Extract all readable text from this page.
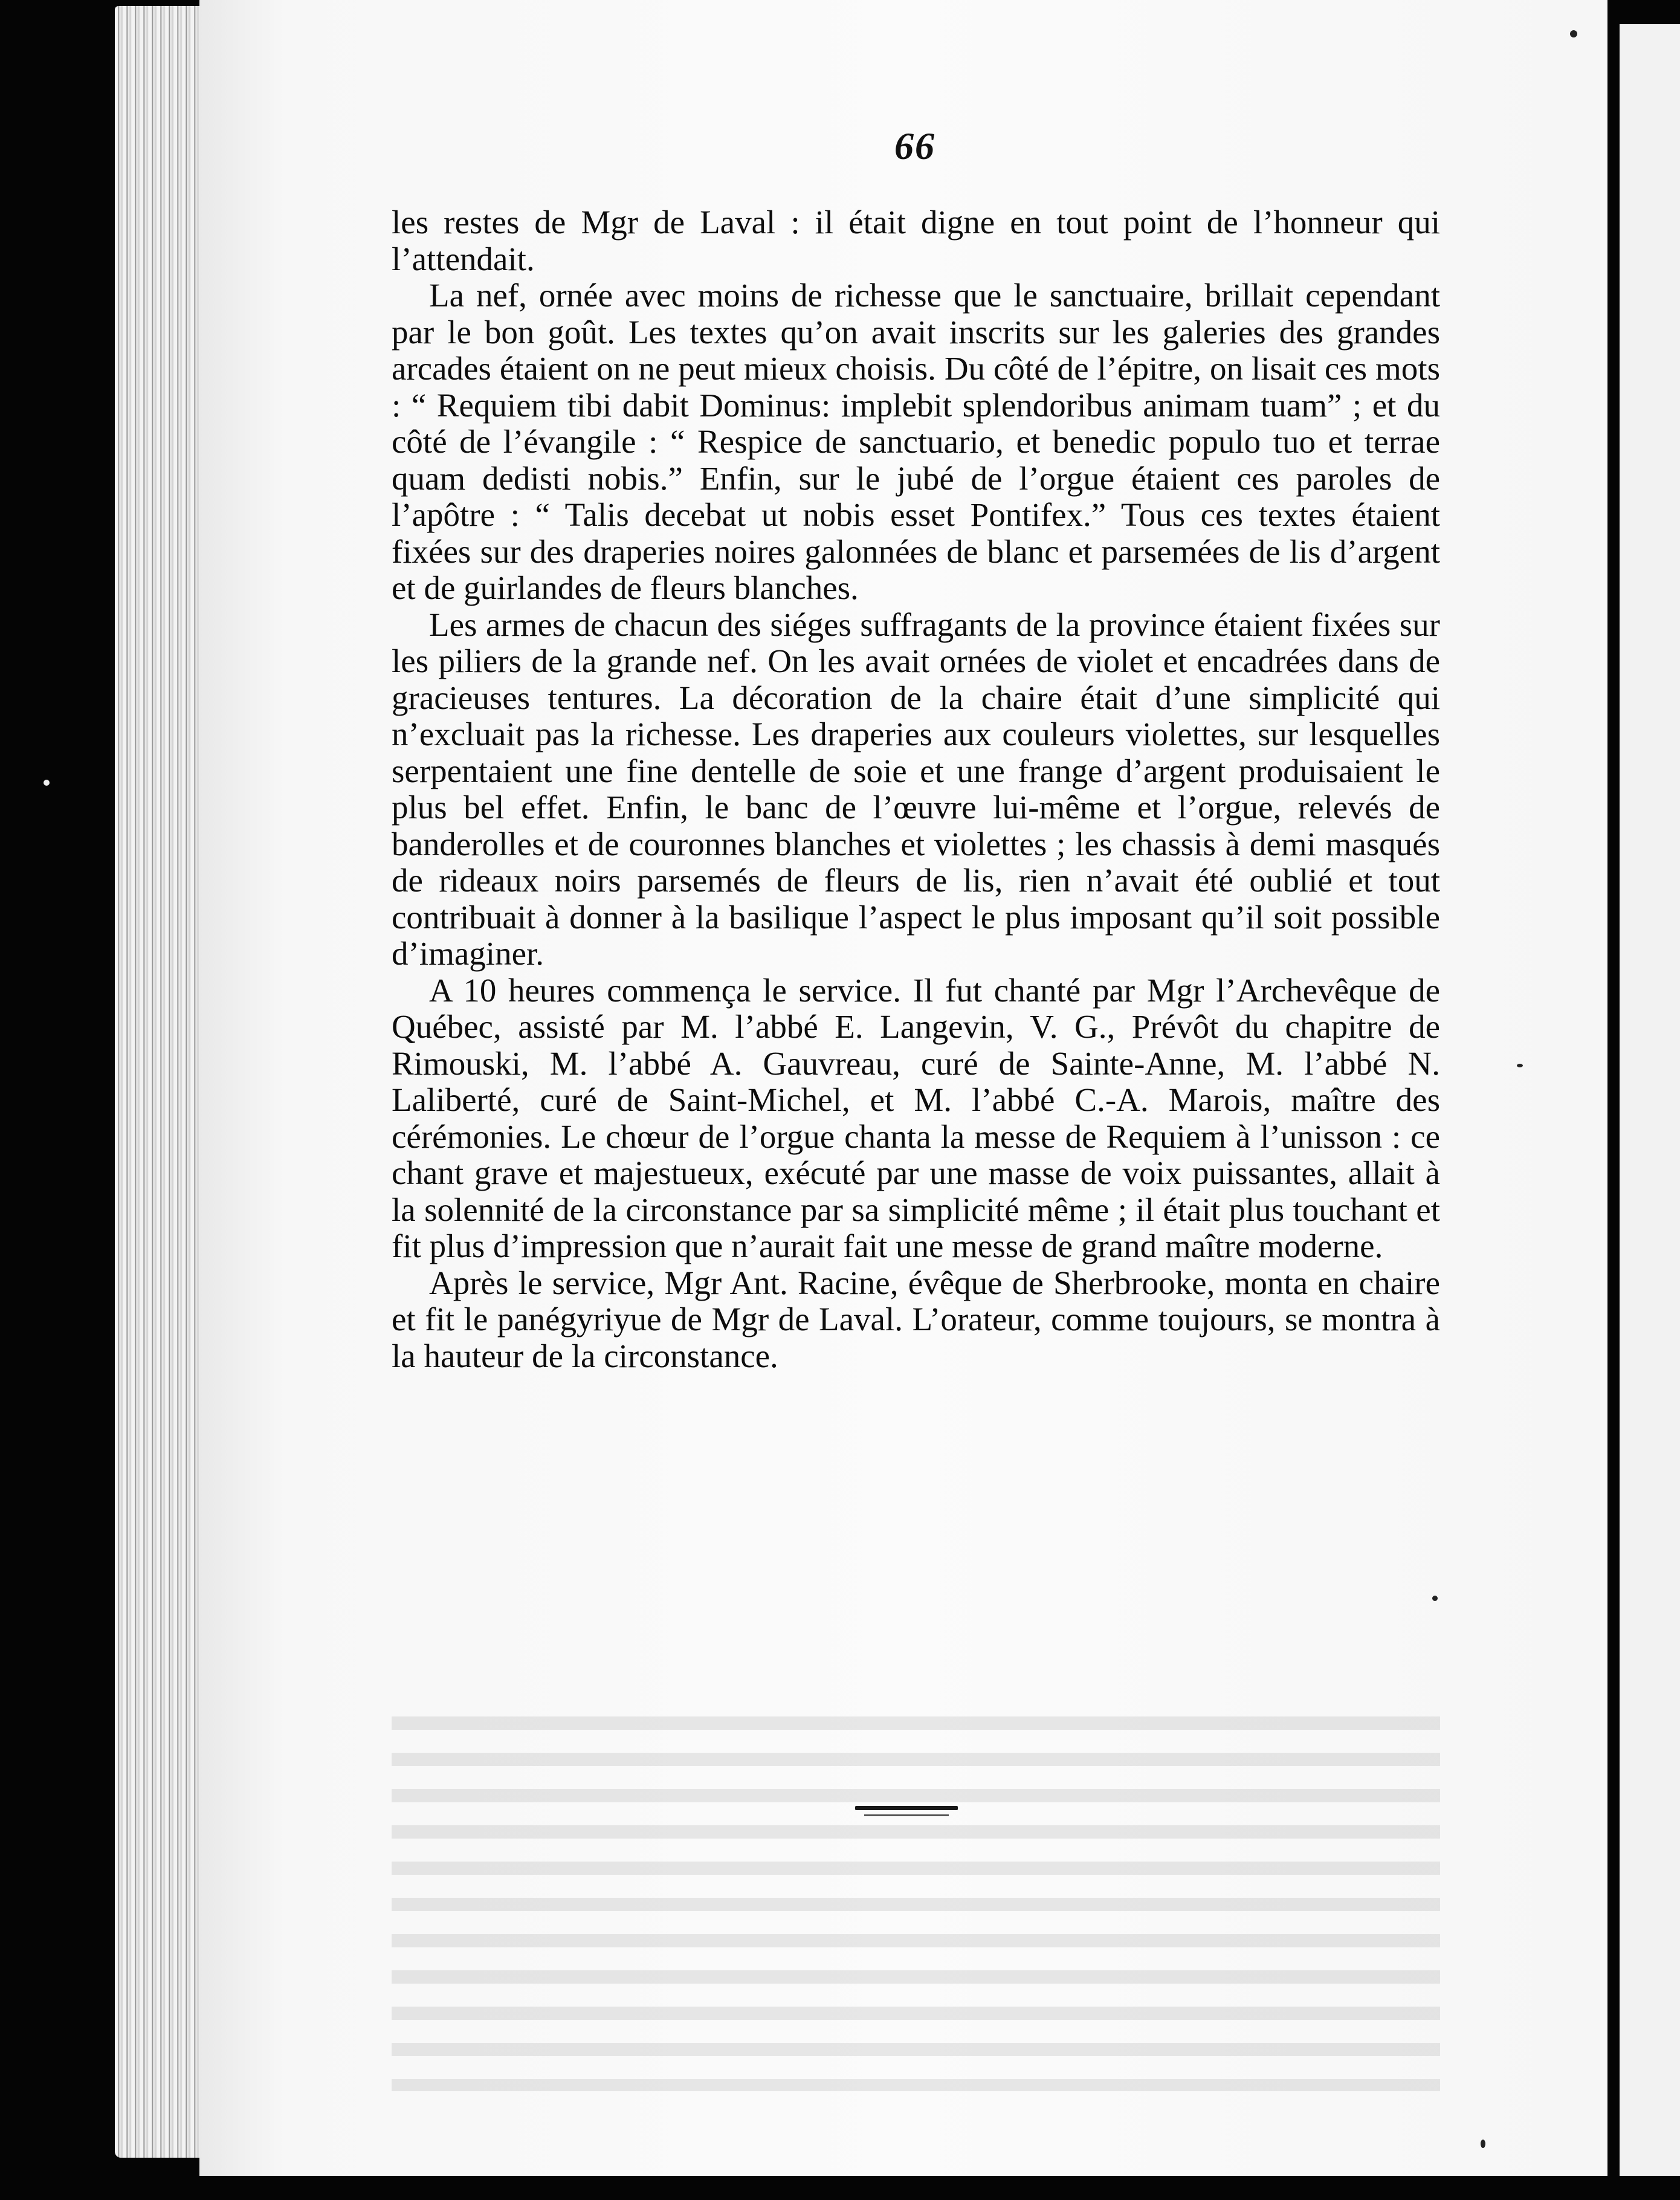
66

les restes de Mgr de Laval : il était digne en tout point de l’honneur qui l’attendait.

La nef, ornée avec moins de richesse que le sanctuaire, brillait cependant par le bon goût. Les textes qu’on avait inscrits sur les galeries des grandes arcades étaient on ne peut mieux choisis. Du côté de l’épitre, on lisait ces mots : “ Requiem tibi dabit Dominus: implebit splendoribus animam tuam” ; et du côté de l’évangile : “ Respice de sanctuario, et benedic populo tuo et terrae quam dedisti nobis.” Enfin, sur le jubé de l’orgue étaient ces paroles de l’apôtre : “ Talis decebat ut nobis esset Pontifex.” Tous ces textes étaient fixées sur des draperies noires galonnées de blanc et parsemées de lis d’argent et de guirlandes de fleurs blanches.

Les armes de chacun des siéges suffragants de la province étaient fixées sur les piliers de la grande nef. On les avait ornées de violet et encadrées dans de gracieuses tentures. La décoration de la chaire était d’une simplicité qui n’excluait pas la richesse. Les draperies aux couleurs violettes, sur lesquelles serpentaient une fine dentelle de soie et une frange d’argent produisaient le plus bel effet. Enfin, le banc de l’œuvre lui-même et l’orgue, relevés de banderolles et de couronnes blanches et violettes ; les chassis à demi masqués de rideaux noirs parsemés de fleurs de lis, rien n’avait été oublié et tout contribuait à donner à la basilique l’aspect le plus imposant qu’il soit possible d’imaginer.

A 10 heures commença le service. Il fut chanté par Mgr l’Archevêque de Québec, assisté par M. l’abbé E. Langevin, V. G., Prévôt du chapitre de Rimouski, M. l’abbé A. Gauvreau, curé de Sainte-Anne, M. l’abbé N. Laliberté, curé de Saint-Michel, et M. l’abbé C.-A. Marois, maître des cérémonies. Le chœur de l’orgue chanta la messe de Requiem à l’unisson : ce chant grave et majestueux, exécuté par une masse de voix puissantes, allait à la solennité de la circonstance par sa simplicité même ; il était plus touchant et fit plus d’impression que n’aurait fait une messe de grand maître moderne.

Après le service, Mgr Ant. Racine, évêque de Sherbrooke, monta en chaire et fit le panégyriyue de Mgr de Laval. L’orateur, comme toujours, se montra à la hauteur de la circonstance.
